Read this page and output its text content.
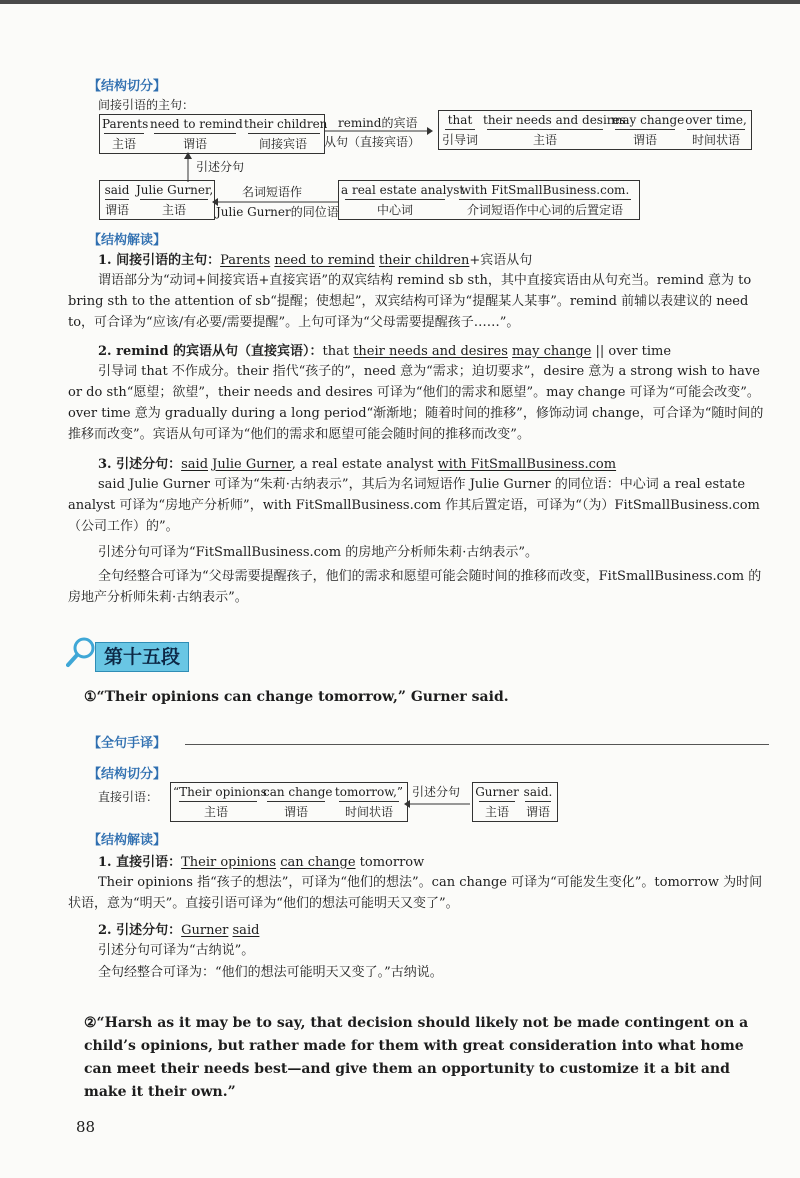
【结构切分】
间接引语的主句：
Parents
主语
need to remind
谓语
their children
间接宾语
remind的宾语
从句（直接宾语）
that
引导词
their needs and desires
主语
may change
谓语
over time,
时间状语
引述分句
said
谓语
Julie Gurner,
主语
名词短语作
Julie Gurner的同位语
a real estate analyst
中心词
with FitSmallBusiness.com.
介词短语作中心词的后置定语
【结构解读】
1. 间接引语的主句：Parents need to remind their children+宾语从句
谓语部分为“动词+间接宾语+直接宾语”的双宾结构 remind sb sth，其中直接宾语由从句充当。remind 意为 to bring sth to the attention of sb“提醒；使想起”，双宾结构可译为“提醒某人某事”。remind 前辅以表建议的 need to，可合译为“应该/有必要/需要提醒”。上句可译为“父母需要提醒孩子……”。
2. remind 的宾语从句（直接宾语）：that their needs and desires may change || over time
引导词 that 不作成分。their 指代“孩子的”，need 意为“需求；迫切要求”，desire 意为 a strong wish to have or do sth“愿望；欲望”，their needs and desires 可译为“他们的需求和愿望”。may change 可译为“可能会改变”。over time 意为 gradually during a long period“渐渐地；随着时间的推移”，修饰动词 change，可合译为“随时间的推移而改变”。宾语从句可译为“他们的需求和愿望可能会随时间的推移而改变”。
3. 引述分句：said Julie Gurner, a real estate analyst with FitSmallBusiness.com
said Julie Gurner 可译为“朱莉·古纳表示”，其后为名词短语作 Julie Gurner 的同位语：中心词 a real estate analyst 可译为“房地产分析师”，with FitSmallBusiness.com 作其后置定语，可译为“（为）FitSmallBusiness.com（公司工作）的”。
引述分句可译为“FitSmallBusiness.com 的房地产分析师朱莉·古纳表示”。
全句经整合可译为“父母需要提醒孩子，他们的需求和愿望可能会随时间的推移而改变，FitSmallBusiness.com 的房地产分析师朱莉·古纳表示”。
第十五段
①“Their opinions can change tomorrow,” Gurner said.
【全句手译】
【结构切分】
直接引语： “Their opinions
主语
can change
谓语
tomorrow,”
时间状语
引述分句 Gurner
主语
said.
谓语
【结构解读】
1. 直接引语：Their opinions can change tomorrow
Their opinions 指“孩子的想法”，可译为“他们的想法”。can change 可译为“可能发生变化”。tomorrow 为时间状语，意为“明天”。直接引语可译为“他们的想法可能明天又变了”。
2. 引述分句：Gurner said
引述分句可译为“古纳说”。
全句经整合可译为：“他们的想法可能明天又变了。”古纳说。
②“Harsh as it may be to say, that decision should likely not be made contingent on a child’s opinions, but rather made for them with great consideration into what home can meet their needs best—and give them an opportunity to customize it a bit and make it their own.”
88
